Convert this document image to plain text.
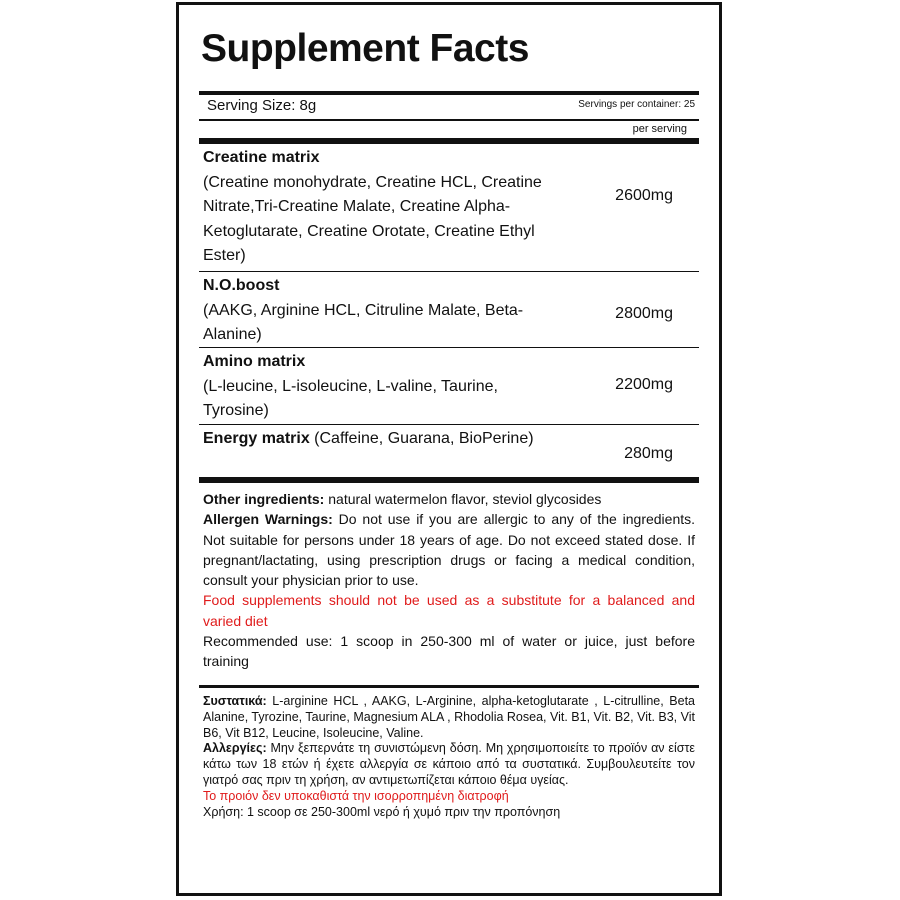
Supplement Facts
Serving Size: 8g	Servings per container: 25
per serving
Creatine matrix
(Creatine monohydrate, Creatine HCL, Creatine Nitrate,Tri-Creatine Malate, Creatine Alpha-Ketoglutarate, Creatine Orotate, Creatine Ethyl Ester)
2600mg
N.O.boost
(AAKG, Arginine HCL, Citruline Malate, Beta-Alanine)
2800mg
Amino matrix
(L-leucine, L-isoleucine, L-valine, Taurine, Tyrosine)
2200mg
Energy matrix (Caffeine, Guarana, BioPerine)
280mg
Other ingredients: natural watermelon flavor, steviol glycosides
Allergen Warnings: Do not use if you are allergic to any of the ingredients. Not suitable for persons under 18 years of age. Do not exceed stated dose. If pregnant/lactating, using prescription drugs or facing a medical condition, consult your physician prior to use.
Food supplements should not be used as a substitute for a balanced and varied diet
Recommended use: 1 scoop in 250-300 ml of water or juice, just before training
Συστατικά: L-arginine HCL , AAKG, L-Arginine, alpha-ketoglutarate , L-citrulline, Beta Alanine, Tyrozine, Taurine, Magnesium ALA , Rhodolia Rosea, Vit. B1, Vit. B2, Vit. B3, Vit B6, Vit B12, Leucine, Isoleucine, Valine.
Αλλεργίες: Μην ξεπερνάτε τη συνιστώμενη δόση. Μη χρησιμοποιείτε το προϊόν αν είστε κάτω των 18 ετών ή έχετε αλλεργία σε κάποιο από τα συστατικά. Συμβουλευτείτε τον γιατρό σας πριν τη χρήση, αν αντιμετωπίζεται κάποιο θέμα υγείας.
Το προιόν δεν υποκαθιστά την ισορροπημένη διατροφή
Χρήση: 1 scoop σε 250-300ml νερό ή χυμό πριν την προπόνηση
